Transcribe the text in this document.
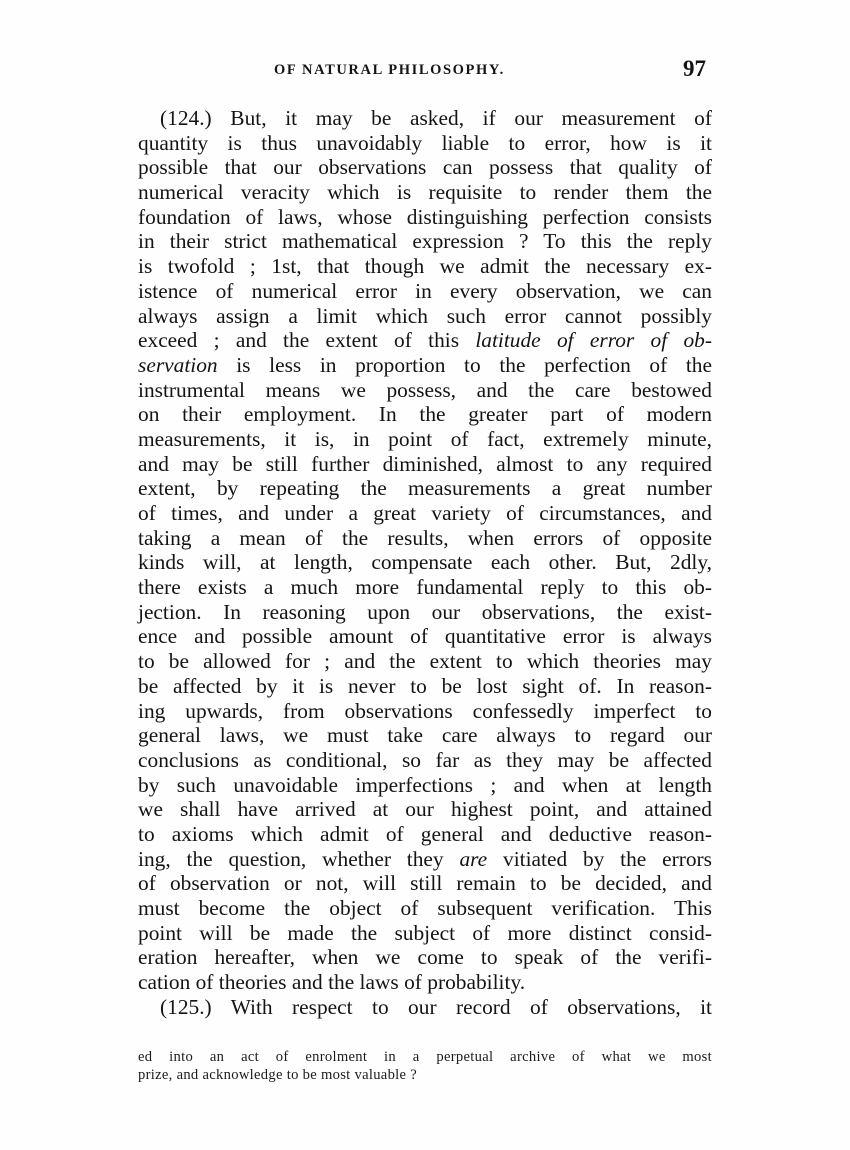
OF NATURAL PHILOSOPHY.	97
(124.) But, it may be asked, if our measurement of
quantity is thus unavoidably liable to error, how is it
possible that our observations can possess that quality of
numerical veracity which is requisite to render them the
foundation of laws, whose distinguishing perfection consists
in their strict mathematical expression ? To this the reply
is twofold ; 1st, that though we admit the necessary ex-
istence of numerical error in every observation, we can
always assign a limit which such error cannot possibly
exceed ; and the extent of this latitude of error of ob-
servation is less in proportion to the perfection of the
instrumental means we possess, and the care bestowed
on their employment. In the greater part of modern
measurements, it is, in point of fact, extremely minute,
and may be still further diminished, almost to any required
extent, by repeating the measurements a great number
of times, and under a great variety of circumstances, and
taking a mean of the results, when errors of opposite
kinds will, at length, compensate each other. But, 2dly,
there exists a much more fundamental reply to this ob-
jection. In reasoning upon our observations, the exist-
ence and possible amount of quantitative error is always
to be allowed for ; and the extent to which theories may
be affected by it is never to be lost sight of. In reason-
ing upwards, from observations confessedly imperfect to
general laws, we must take care always to regard our
conclusions as conditional, so far as they may be affected
by such unavoidable imperfections ; and when at length
we shall have arrived at our highest point, and attained
to axioms which admit of general and deductive reason-
ing, the question, whether they are vitiated by the errors
of observation or not, will still remain to be decided, and
must become the object of subsequent verification. This
point will be made the subject of more distinct consid-
eration hereafter, when we come to speak of the verifi-
cation of theories and the laws of probability.
(125.) With respect to our record of observations, it
ed into an act of enrolment in a perpetual archive of what we most
prize, and acknowledge to be most valuable ?
